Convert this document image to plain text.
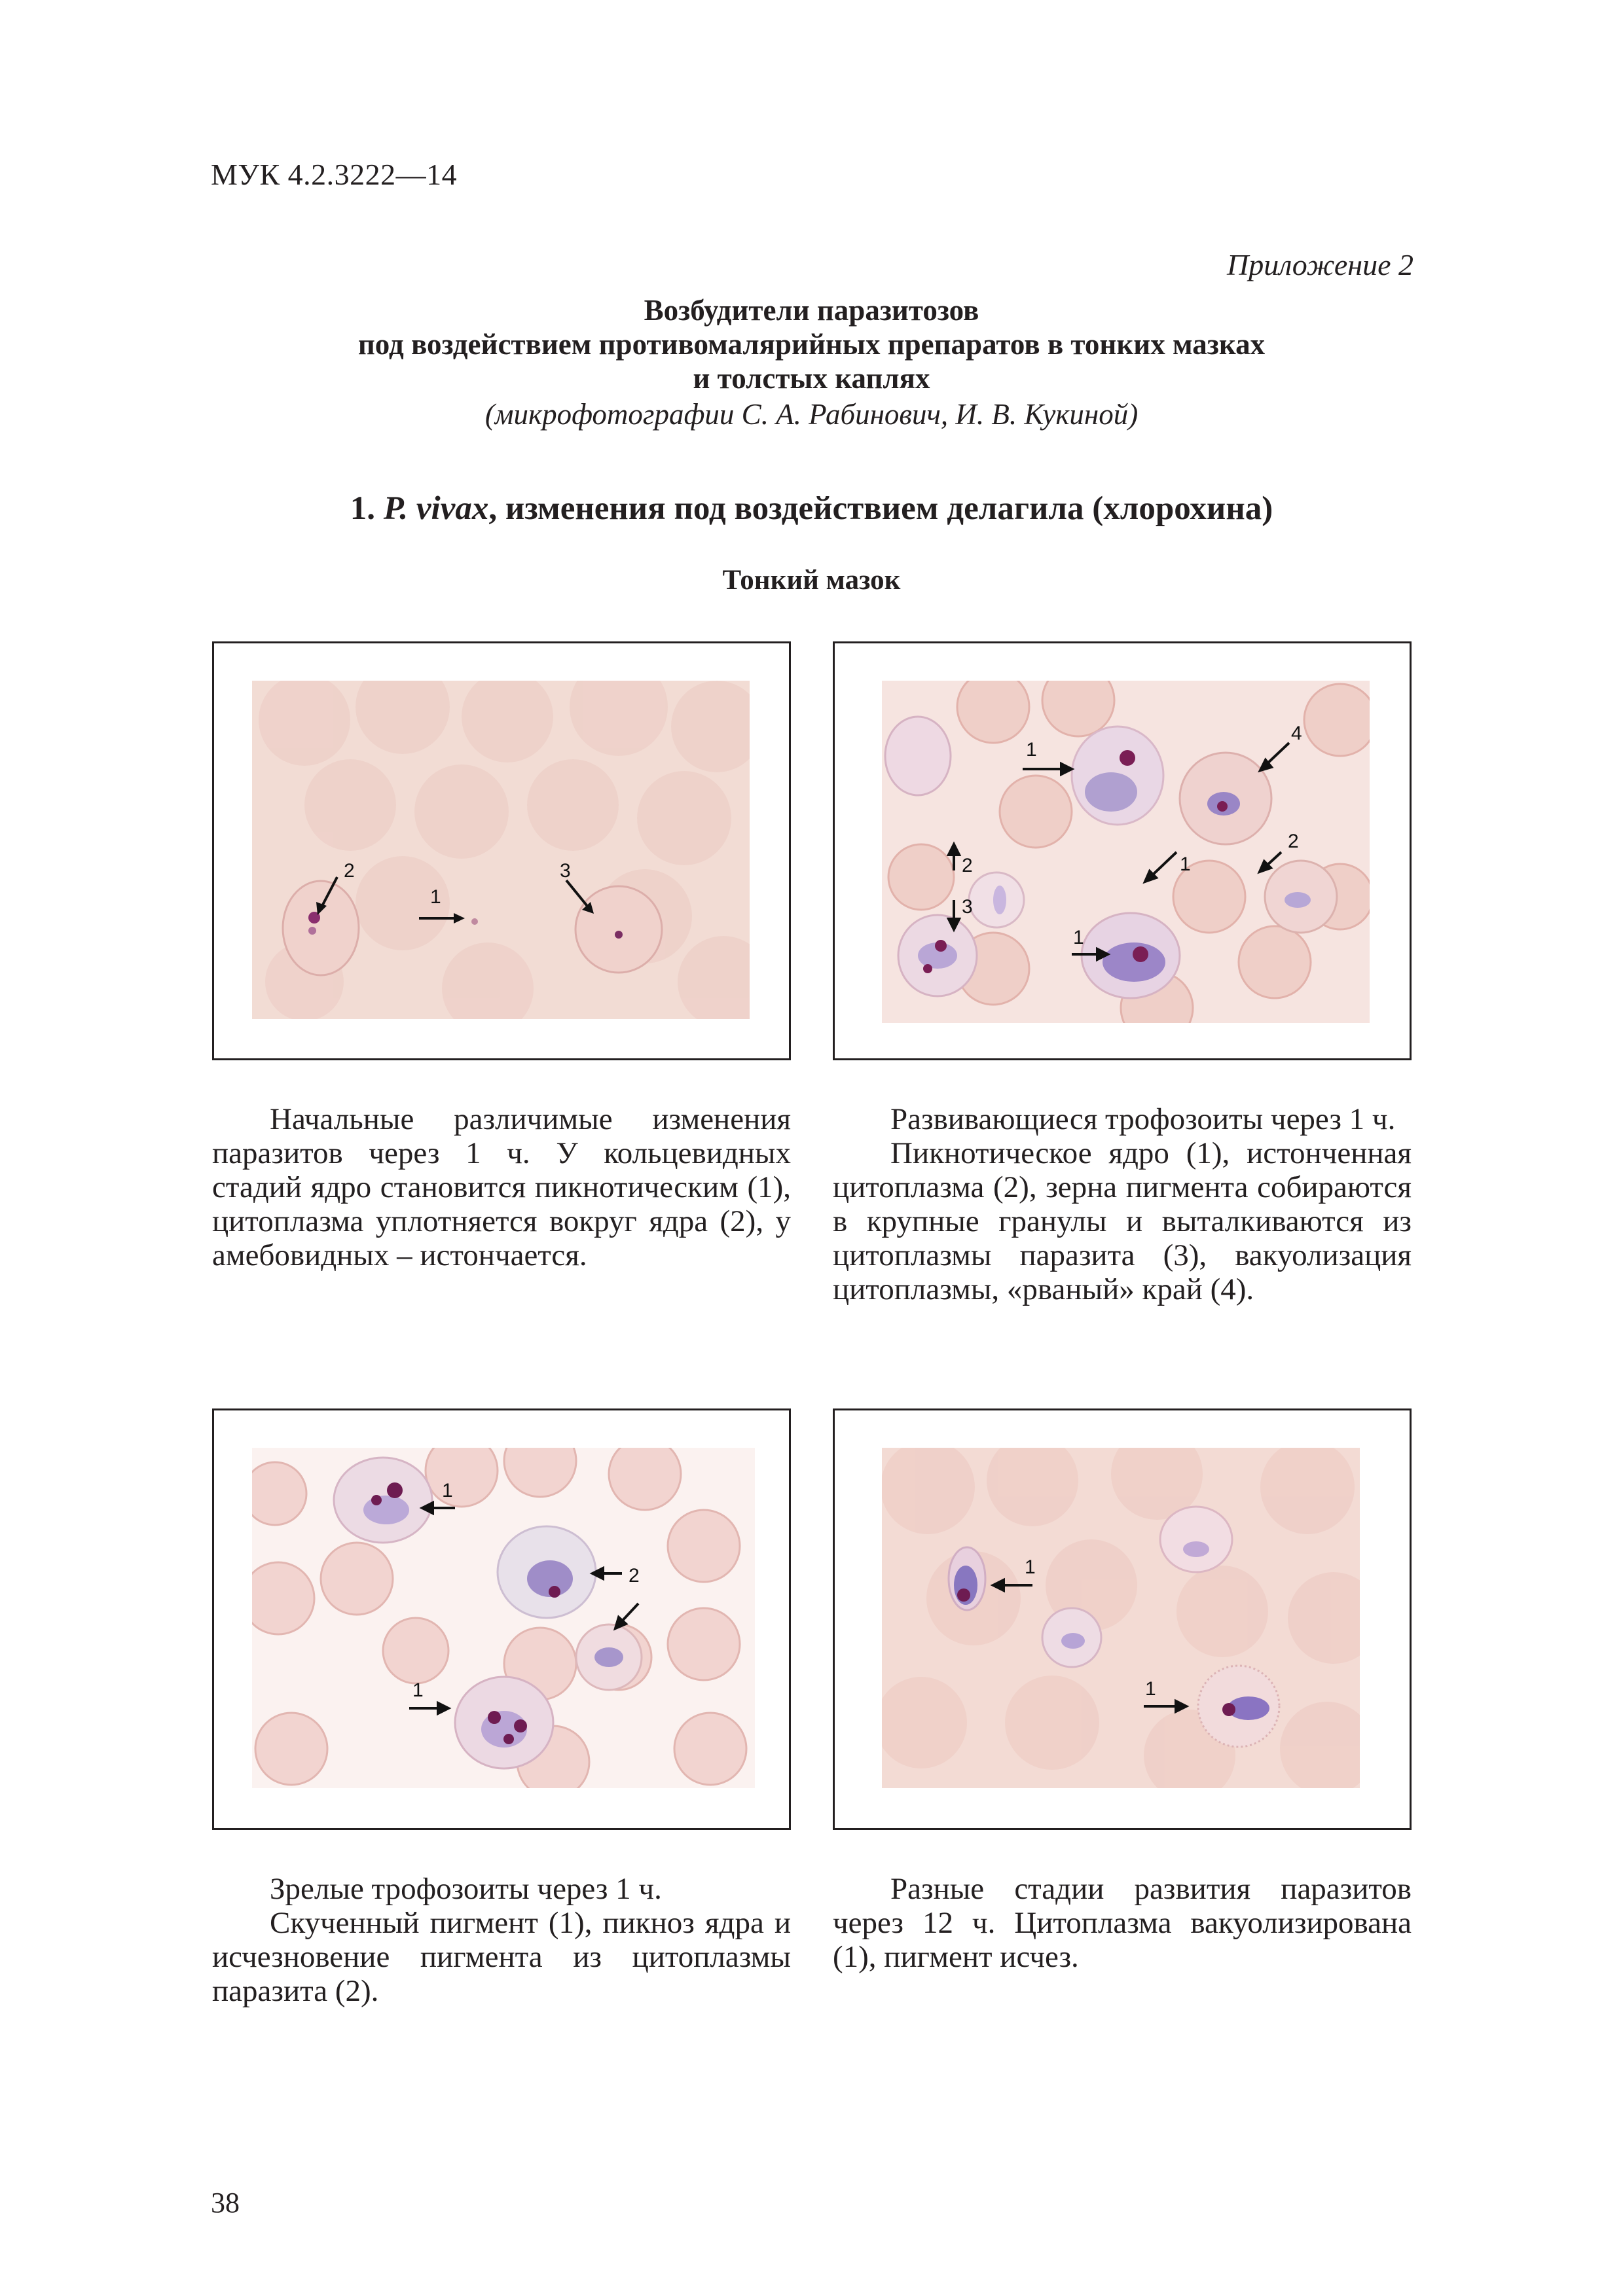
МУК 4.2.3222—14
Приложение 2
Возбудители паразитозов
под воздействием противомалярийных препаратов в тонких мазках
и толстых каплях
(микрофотографии С. А. Рабинович, И. В. Кукиной)
1. P. vivax, изменения под воздействием делагила (хлорохина)
Тонкий мазок
1
2	3
1
4
2
2	1
3
1

Начальные различимые изменения паразитов через 1 ч. У кольцевидных стадий ядро становится пикнотическим (1), цитоплазма уплотняется вокруг ядра (2), у амебовидных – истончается.

Развивающиеся трофозоиты через 1 ч.

Пикнотическое ядро (1), истонченная цитоплазма (2), зерна пигмента собираются в крупные гранулы и выталкиваются из цитоплазмы паразита (3), вакуолизация цитоплазмы, «рваный» край (4).

1
2
1
1
1

Зрелые трофозоиты через 1 ч.

Скученный пигмент (1), пикноз ядра и исчезновение пигмента из цитоплазмы паразита (2).

Разные стадии развития паразитов через 12 ч. Цитоплазма вакуолизирована (1), пигмент исчез.

38
